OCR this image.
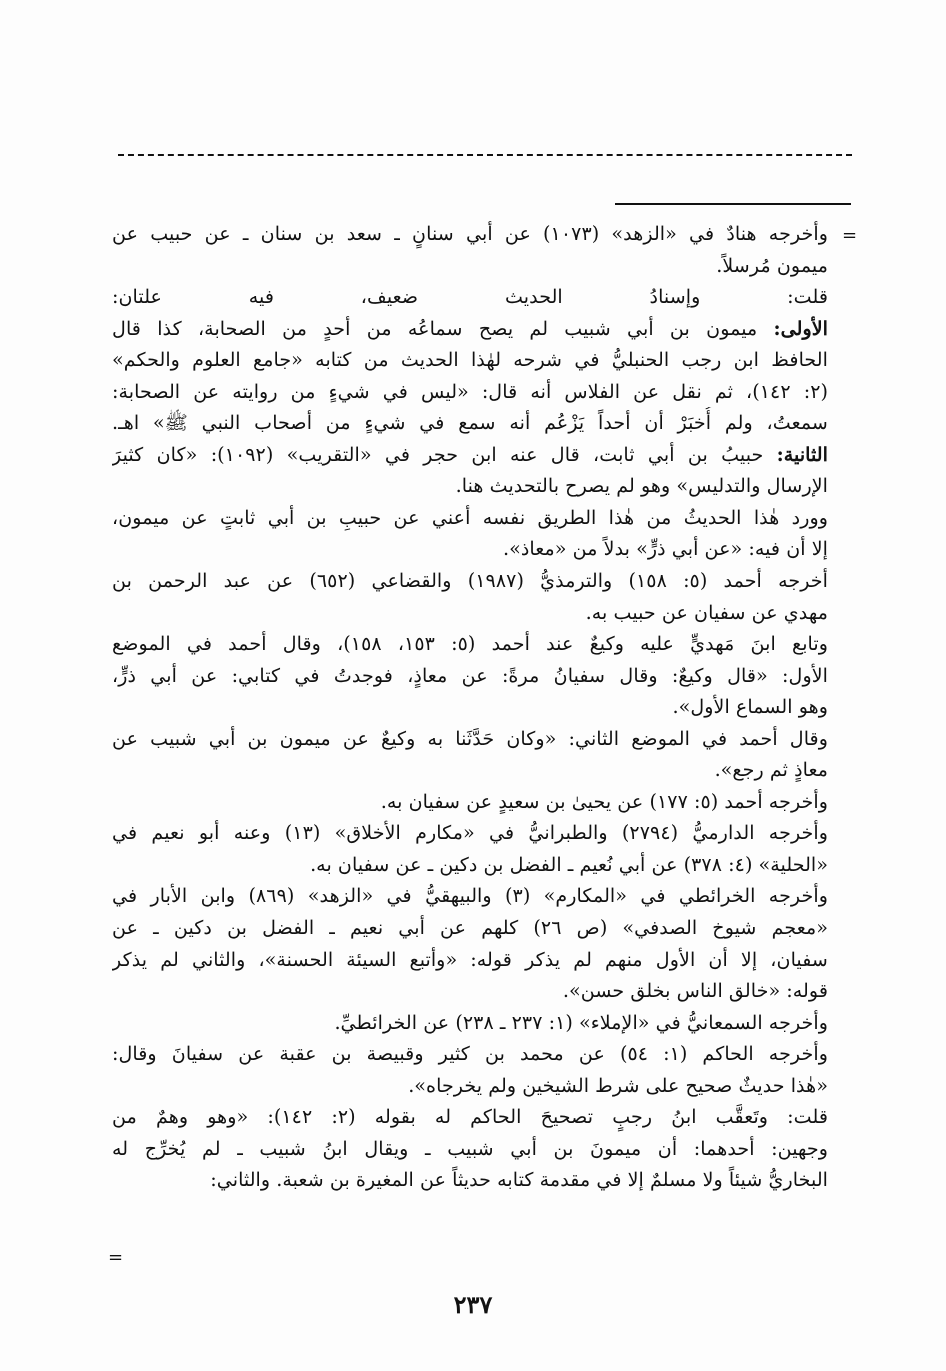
=
وأخرجه هنادٌ في «الزهد» (١٠٧٣) عن أبي سنانٍ ـ سعد بن سنان ـ عن حبيب عن
ميمون مُرسلاً.
قلت: وإسنادُ الحديث ضعيف، فيه علتان:
الأولى: ميمون بن أبي شبيب لم يصح سماعُه من أحدٍ من الصحابة، كذا قال
الحافظ ابن رجب الحنبليُّ في شرحه لهٰذا الحديث من كتابه «جامع العلوم والحكم»
(٢: ١٤٢)، ثم نقل عن الفلاس أنه قال: «ليس في شيءٍ من روايته عن الصحابة:
سمعتُ، ولم أُخبَرْ أن أحداً يَزْعُم أنه سمع في شيءٍ من أصحاب النبي ﷺ» اهـ.
الثانية: حبيبُ بن أبي ثابت، قال عنه ابن حجر في «التقريب» (١٠٩٢): «كان كثيرَ
الإرسال والتدليس» وهو لم يصرح بالتحديث هنا.
وورد هٰذا الحديثُ من هٰذا الطريق نفسه أعني عن حبيبِ بن أبي ثابتٍ عن ميمون،
إلا أن فيه: «عن أبي ذرٍّ» بدلاً من «معاذ».
أخرجه أحمد (٥: ١٥٨) والترمذيُّ (١٩٨٧) والقضاعي (٦٥٢) عن عبد الرحمن بن
مهدي عن سفيان عن حبيب به.
وتابع ابنَ مَهديٍّ عليه وكيعٌ عند أحمد (٥: ١٥٣، ١٥٨)، وقال أحمد في الموضع
الأول: «قال وكيعٌ: وقال سفيانُ مرةً: عن معاذٍ، فوجدتُ في كتابي: عن أبي ذرٍّ،
وهو السماع الأول».
وقال أحمد في الموضع الثاني: «وكان حَدَّثَنا به وكيعٌ عن ميمون بن أبي شبيب عن
معاذٍ ثم رجع».
وأخرجه أحمد (٥: ١٧٧) عن يحيىٰ بن سعيدٍ عن سفيان به.
وأخرجه الدارميُّ (٢٧٩٤) والطبرانيُّ في «مكارم الأخلاق» (١٣) وعنه أبو نعيم في
«الحلية» (٤: ٣٧٨) عن أبي نُعيم ـ الفضل بن دكين ـ عن سفيان به.
وأخرجه الخرائطي في «المكارم» (٣) والبيهقيُّ في «الزهد» (٨٦٩) وابن الأبار في
«معجم شيوخ الصدفي» (ص ٢٦) كلهم عن أبي نعيم ـ الفضل بن دكين ـ عن
سفيان، إلا أن الأول منهم لم يذكر قوله: «وأتبع السيئة الحسنة»، والثاني لم يذكر
قوله: «خالق الناس بخلق حسن».
وأخرجه السمعانيُّ في «الإملاء» (١: ٢٣٧ ـ ٢٣٨) عن الخرائطيِّ.
وأخرجه الحاكم (١: ٥٤) عن محمد بن كثير وقبيصة بن عقبة عن سفيانَ وقال:
«هٰذا حديثٌ صحيح على شرط الشيخين ولم يخرجاه».
قلت: وتَعقَّب ابنُ رجبٍ تصحيحَ الحاكم له بقوله (٢: ١٤٢): «وهو وهمٌ من
وجهين: أحدهما: أن ميمونَ بن أبي شبيب ـ ويقال ابنُ شبيب ـ لم يُخرِّج له
البخاريُّ شيئاً ولا مسلمٌ إلا في مقدمة كتابه حديثاً عن المغيرة بن شعبة. والثاني:
=
٢٣٧
